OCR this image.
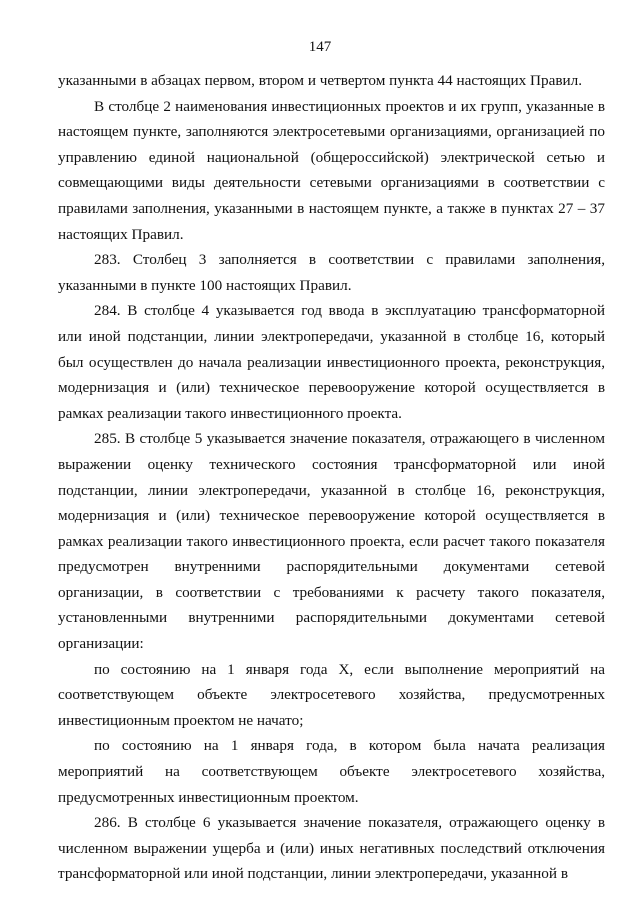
147

указанными в абзацах первом, втором и четвертом пункта 44 настоящих Правил.

В столбце 2 наименования инвестиционных проектов и их групп, указанные в настоящем пункте, заполняются электросетевыми организациями, организацией по управлению единой национальной (общероссийской) электрической сетью и совмещающими виды деятельности сетевыми организациями в соответствии с правилами заполнения, указанными в настоящем пункте, а также в пунктах 27 – 37 настоящих Правил.

283. Столбец 3 заполняется в соответствии с правилами заполнения, указанными в пункте 100 настоящих Правил.

284. В столбце 4 указывается год ввода в эксплуатацию трансформаторной или иной подстанции, линии электропередачи, указанной в столбце 16, который был осуществлен до начала реализации инвестиционного проекта, реконструкция, модернизация и (или) техническое перевооружение которой осуществляется в рамках реализации такого инвестиционного проекта.

285. В столбце 5 указывается значение показателя, отражающего в численном выражении оценку технического состояния трансформаторной или иной подстанции, линии электропередачи, указанной в столбце 16, реконструкция, модернизация и (или) техническое перевооружение которой осуществляется в рамках реализации такого инвестиционного проекта, если расчет такого показателя предусмотрен внутренними распорядительными документами сетевой организации, в соответствии с требованиями к расчету такого показателя, установленными внутренними распорядительными документами сетевой организации:

по состоянию на 1 января года X, если выполнение мероприятий на соответствующем объекте электросетевого хозяйства, предусмотренных инвестиционным проектом не начато;

по состоянию на 1 января года, в котором была начата реализация мероприятий на соответствующем объекте электросетевого хозяйства, предусмотренных инвестиционным проектом.

286. В столбце 6 указывается значение показателя, отражающего оценку в численном выражении ущерба и (или) иных негативных последствий отключения трансформаторной или иной подстанции, линии электропередачи, указанной в
